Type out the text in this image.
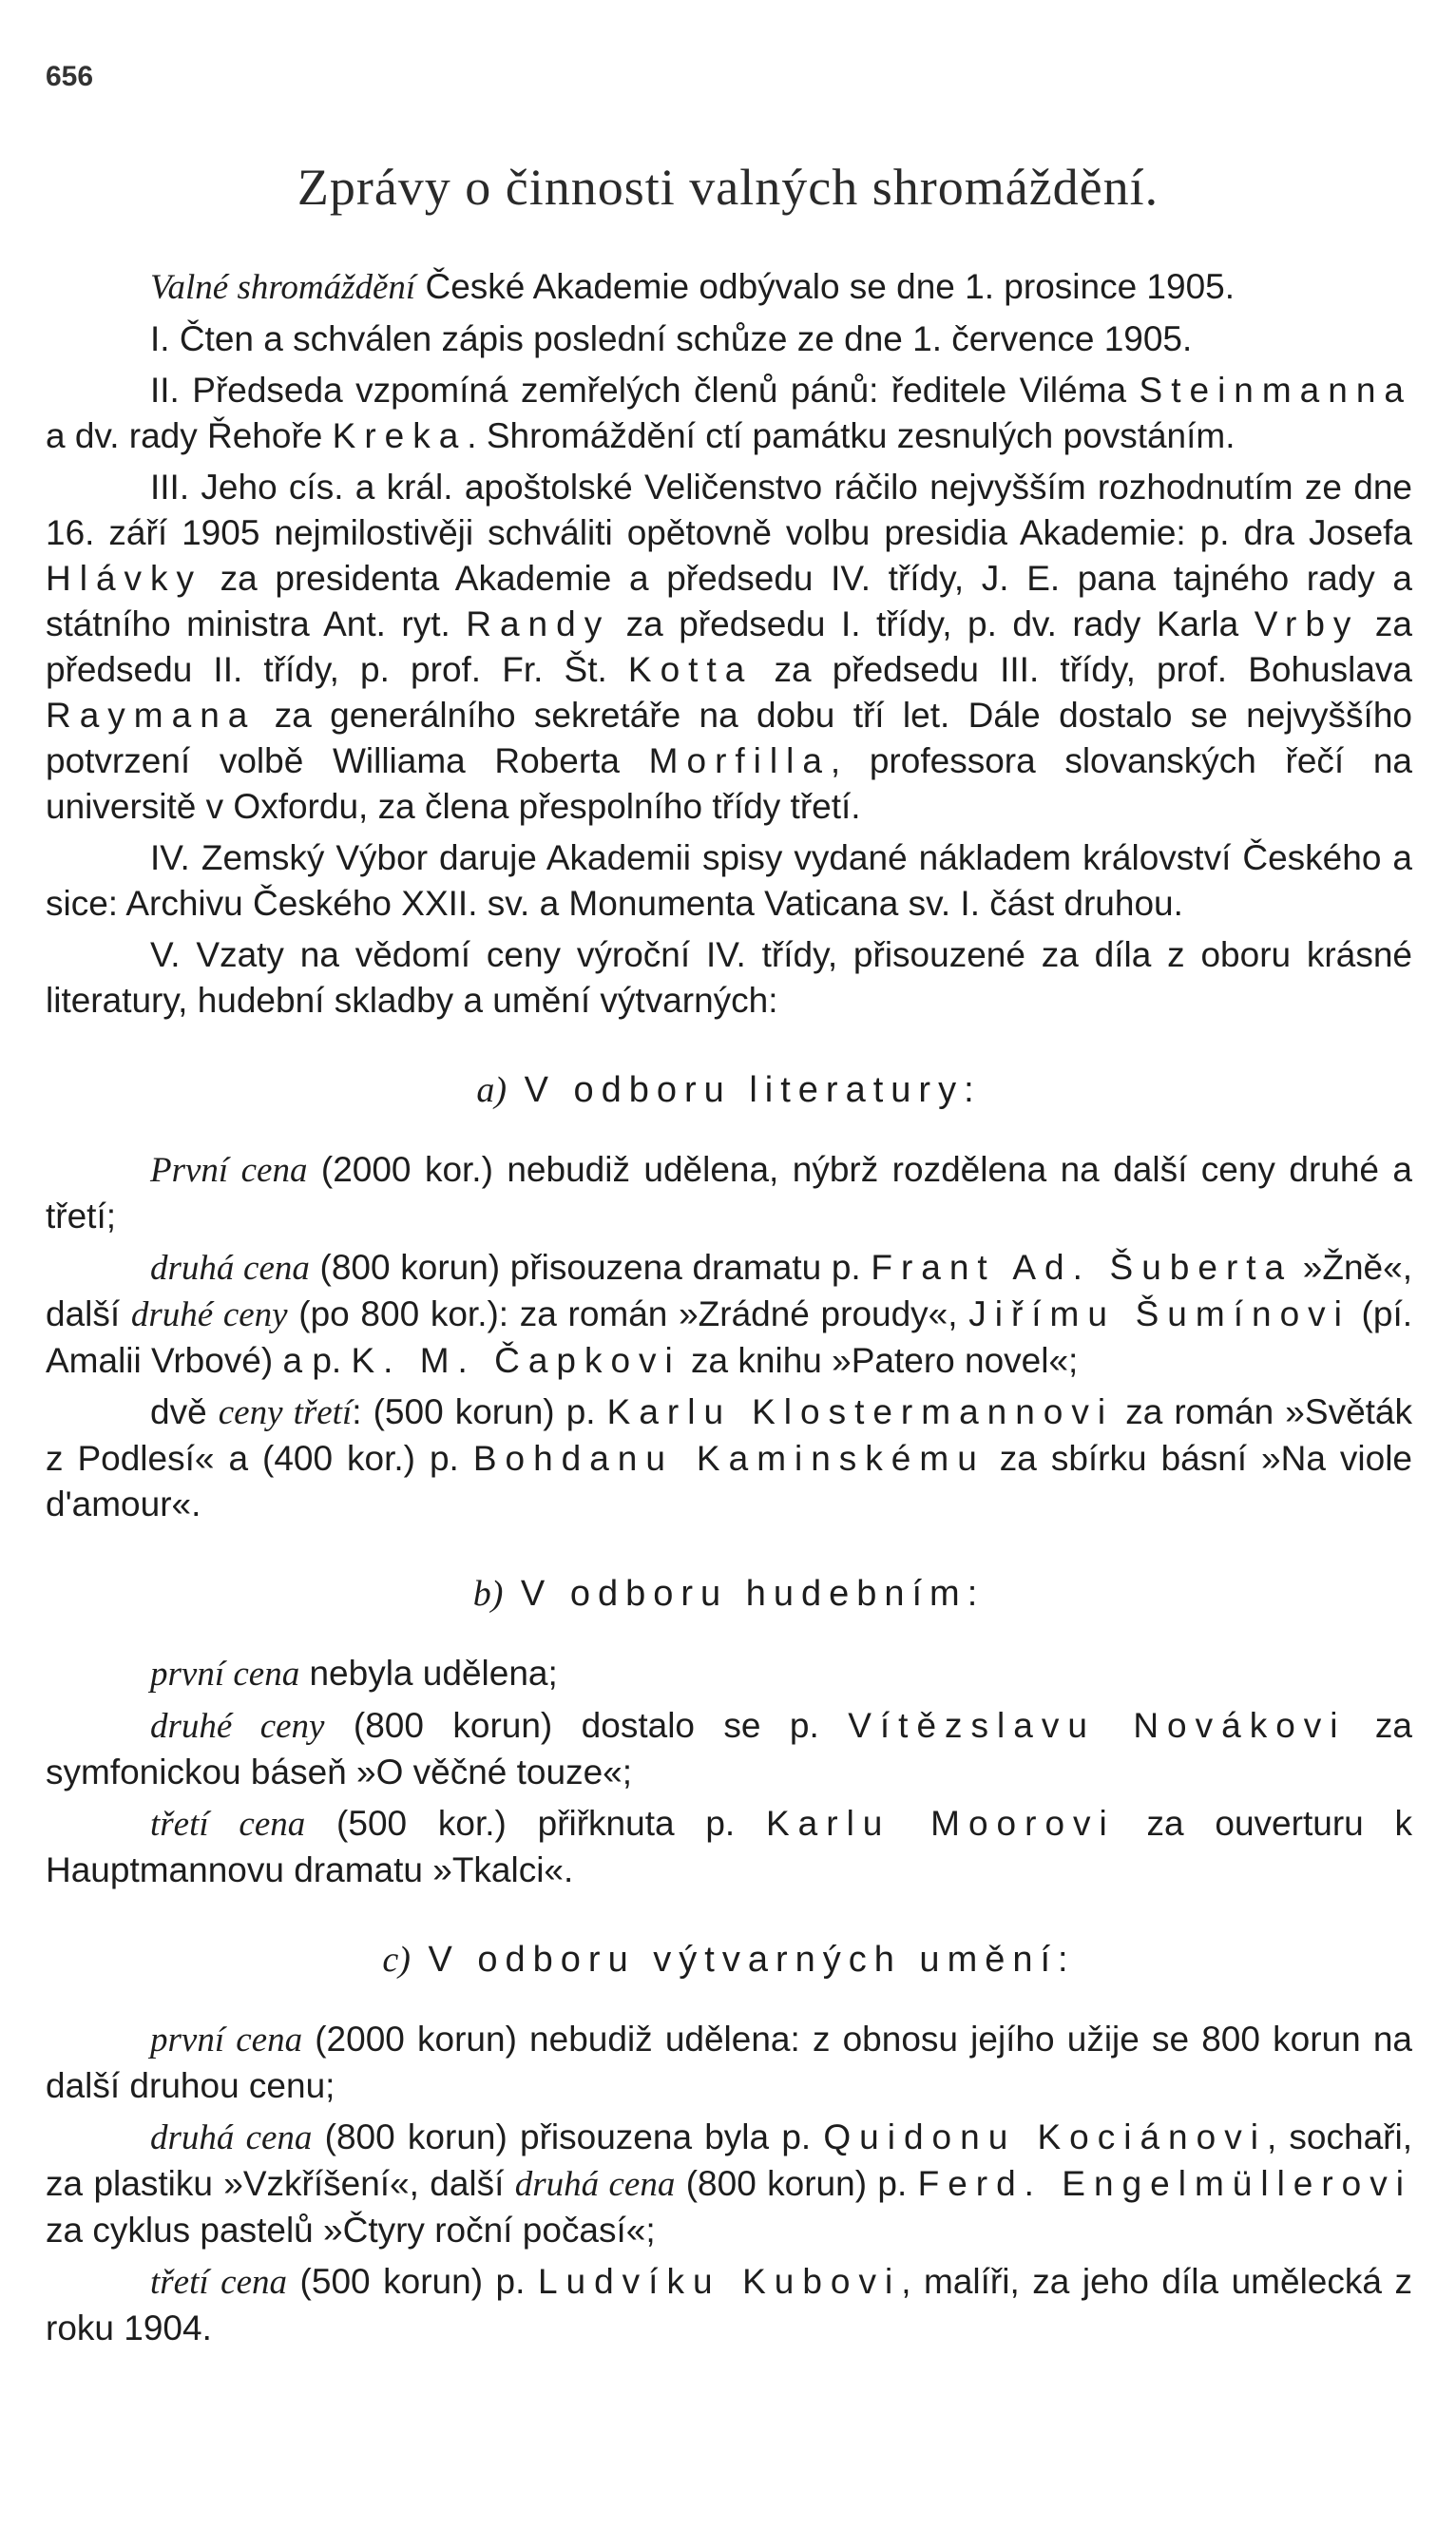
656
Zprávy o činnosti valných shromáždění.

Valné shromáždění České Akademie odbývalo se dne 1. prosince 1905.

I. Čten a schválen zápis poslední schůze ze dne 1. července 1905.

II. Předseda vzpomíná zemřelých členů pánů: ředitele Viléma Steinmanna a dv. rady Řehoře Kreka. Shromáždění ctí památku zesnulých povstáním.

III. Jeho cís. a král. apoštolské Veličenstvo ráčilo nejvyšším rozhodnutím ze dne 16. září 1905 nejmilostivěji schváliti opětovně volbu presidia Akademie: p. dra Josefa Hlávky za presidenta Akademie a předsedu IV. třídy, J. E. pana tajného rady a státního ministra Ant. ryt. Randy za předsedu I. třídy, p. dv. rady Karla Vrby za předsedu II. třídy, p. prof. Fr. Št. Kotta za předsedu III. třídy, prof. Bohuslava Raymana za generálního sekretáře na dobu tří let. Dále dostalo se nejvyššího potvrzení volbě Williama Roberta Morfilla, professora slovanských řečí na universitě v Oxfordu, za člena přespolního třídy třetí.

IV. Zemský Výbor daruje Akademii spisy vydané nákladem království Českého a sice: Archivu Českého XXII. sv. a Monumenta Vaticana sv. I. část druhou.

V. Vzaty na vědomí ceny výroční IV. třídy, přisouzené za díla z oboru krásné literatury, hudební skladby a umění výtvarných:

a) V odboru literatury:

První cena (2000 kor.) nebudiž udělena, nýbrž rozdělena na další ceny druhé a třetí;

druhá cena (800 korun) přisouzena dramatu p. Frant Ad. Šuberta »Žně«, další druhé ceny (po 800 kor.): za román »Zrádné proudy«, Jiřímu Šumínovi (pí. Amalii Vrbové) a p. K. M. Čapkovi za knihu »Patero novel«;

dvě ceny třetí: (500 korun) p. Karlu Klostermannovi za román »Světák z Podlesí« a (400 kor.) p. Bohdanu Kaminskému za sbírku básní »Na viole d'amour«.

b) V odboru hudebním:

první cena nebyla udělena;

druhé ceny (800 korun) dostalo se p. Vítězslavu Novákovi za symfonickou báseň »O věčné touze«;

třetí cena (500 kor.) přiřknuta p. Karlu Moorovi za ouverturu k Hauptmannovu dramatu »Tkalci«.

c) V odboru výtvarných umění:

první cena (2000 korun) nebudiž udělena: z obnosu jejího užije se 800 korun na další druhou cenu;

druhá cena (800 korun) přisouzena byla p. Quidonu Kociánovi, sochaři, za plastiku »Vzkříšení«, další druhá cena (800 korun) p. Ferd. Engelmüllerovi za cyklus pastelů »Čtyry roční počasí«;

třetí cena (500 korun) p. Ludvíku Kubovi, malíři, za jeho díla umělecká z roku 1904.
